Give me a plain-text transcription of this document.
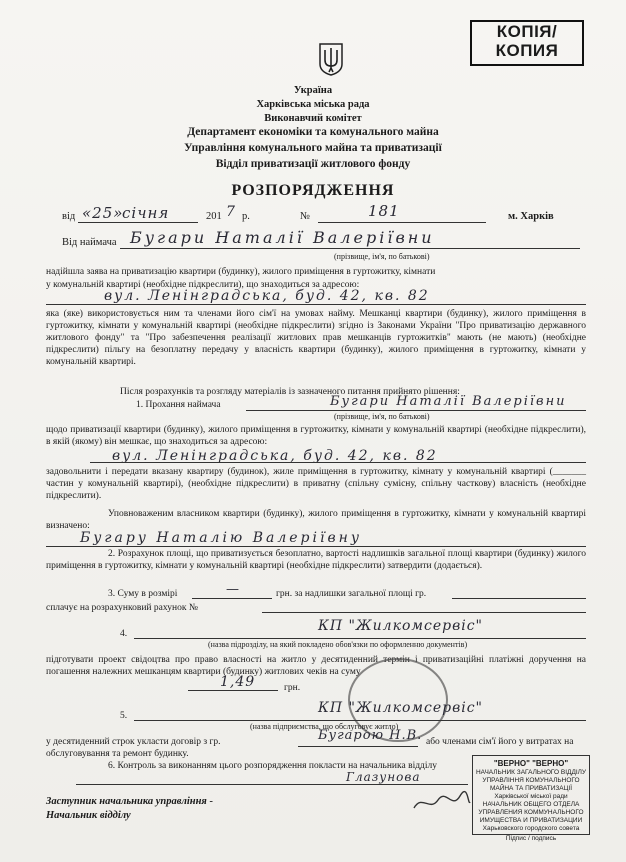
КОПІЯ/
КОПИЯ
Україна
Харківська міська рада
Виконавчий комітет
Департамент економіки та комунального майна
Управління комунального майна та приватизації
Відділ приватизації житлового фонду
РОЗПОРЯДЖЕННЯ
від «25»
січня	201 7 р.	№	181	м. Харків
Від наймача Бугари Наталії Валеріївни
(прізвище, ім'я, по батькові)
надійшла заява на приватизацію квартири (будинку), жилого приміщення в гуртожитку, кімнати
у комунальній квартирі (необхідне підкреслити), що знаходиться за адресою:
вул. Ленінградська, буд. 42, кв. 82
яка (яке) використовується ним та членами його сім'ї на умовах найму. Мешканці квартири (будинку), жилого приміщення в гуртожитку, кімнати у комунальній квартирі (необхідне підкреслити) згідно із Законами України "Про приватизацію державного житлового фонду" та "Про забезпечення реалізації житлових прав мешканців гуртожитків" мають (не мають) (необхідне підкреслити) пільгу на безоплатну передачу у власність квартири (будинку), жилого приміщення в гуртожитку, кімнати у комунальній квартирі.
Після розрахунків та розгляду матеріалів із зазначеного питання прийнято рішення:
1. Прохання наймача	Бугари Наталії Валеріївни
(прізвище, ім'я, по батькові)
щодо приватизації квартири (будинку), жилого приміщення в гуртожитку, кімнати у комунальній квартирі (необхідне підкреслити), в якій (якому) він мешкає, що знаходиться за адресою:
вул. Ленінградська, буд. 42, кв. 82
задовольнити і передати вказану квартиру (будинок), жиле приміщення в гуртожитку, кімнату у комунальній квартирі (_______ частин у комунальній квартирі), (необхідне підкреслити) в приватну (спільну сумісну, спільну часткову) власність (необхідне підкреслити).
Уповноваженим власником квартири (будинку), жилого приміщення в гуртожитку, кімнати у комунальній квартирі визначено:
Бугару Наталію Валеріївну
2. Розрахунок площі, що приватизується безоплатно, вартості надлишків загальної площі квартири (будинку) жилого приміщення в гуртожитку, кімнати у комунальній квартирі (необхідне підкреслити) затвердити (додається).
3. Суму в розмірі	—	грн. за надлишки загальної площі гр.
сплачує на розрахунковий рахунок №
4.	КП "Жилкомсервіс"
(назва підрозділу, на який покладено обов'язки по оформленню документів)
підготувати проект свідоцтва про право власності на житло у десятиденний термін і приватизаційні платіжні доручення на погашення належних мешканцям квартири (будинку) житлових чеків на суму
1,49	грн.
5.	КП "Жилкомсервіс"
(назва підприємства, що обслуговує житло)
у десятиденний строк укласти договір з гр.	Бугарою Н.В. або членами сім'ї його у витратах на обслуговування та ремонт будинку.
6. Контроль за виконанням цього розпорядження покласти на начальника відділу
Глазунова
Заступник начальника управління -
Начальник відділу
"ВЕРНО" "ВЕРНО"
НАЧАЛЬНИК ЗАГАЛЬНОГО ВІДДІЛУ
УПРАВЛІННЯ КОМУНАЛЬНОГО МАЙНА ТА ПРИВАТИЗАЦІЇ
Харківської міської ради
НАЧАЛЬНИК ОБЩЕГО ОТДЕЛА
УПРАВЛЕНИЯ КОММУНАЛЬНОГО ИМУЩЕСТВА И ПРИВАТИЗАЦИИ
Харьковского городского совета
Підпис / подпись
